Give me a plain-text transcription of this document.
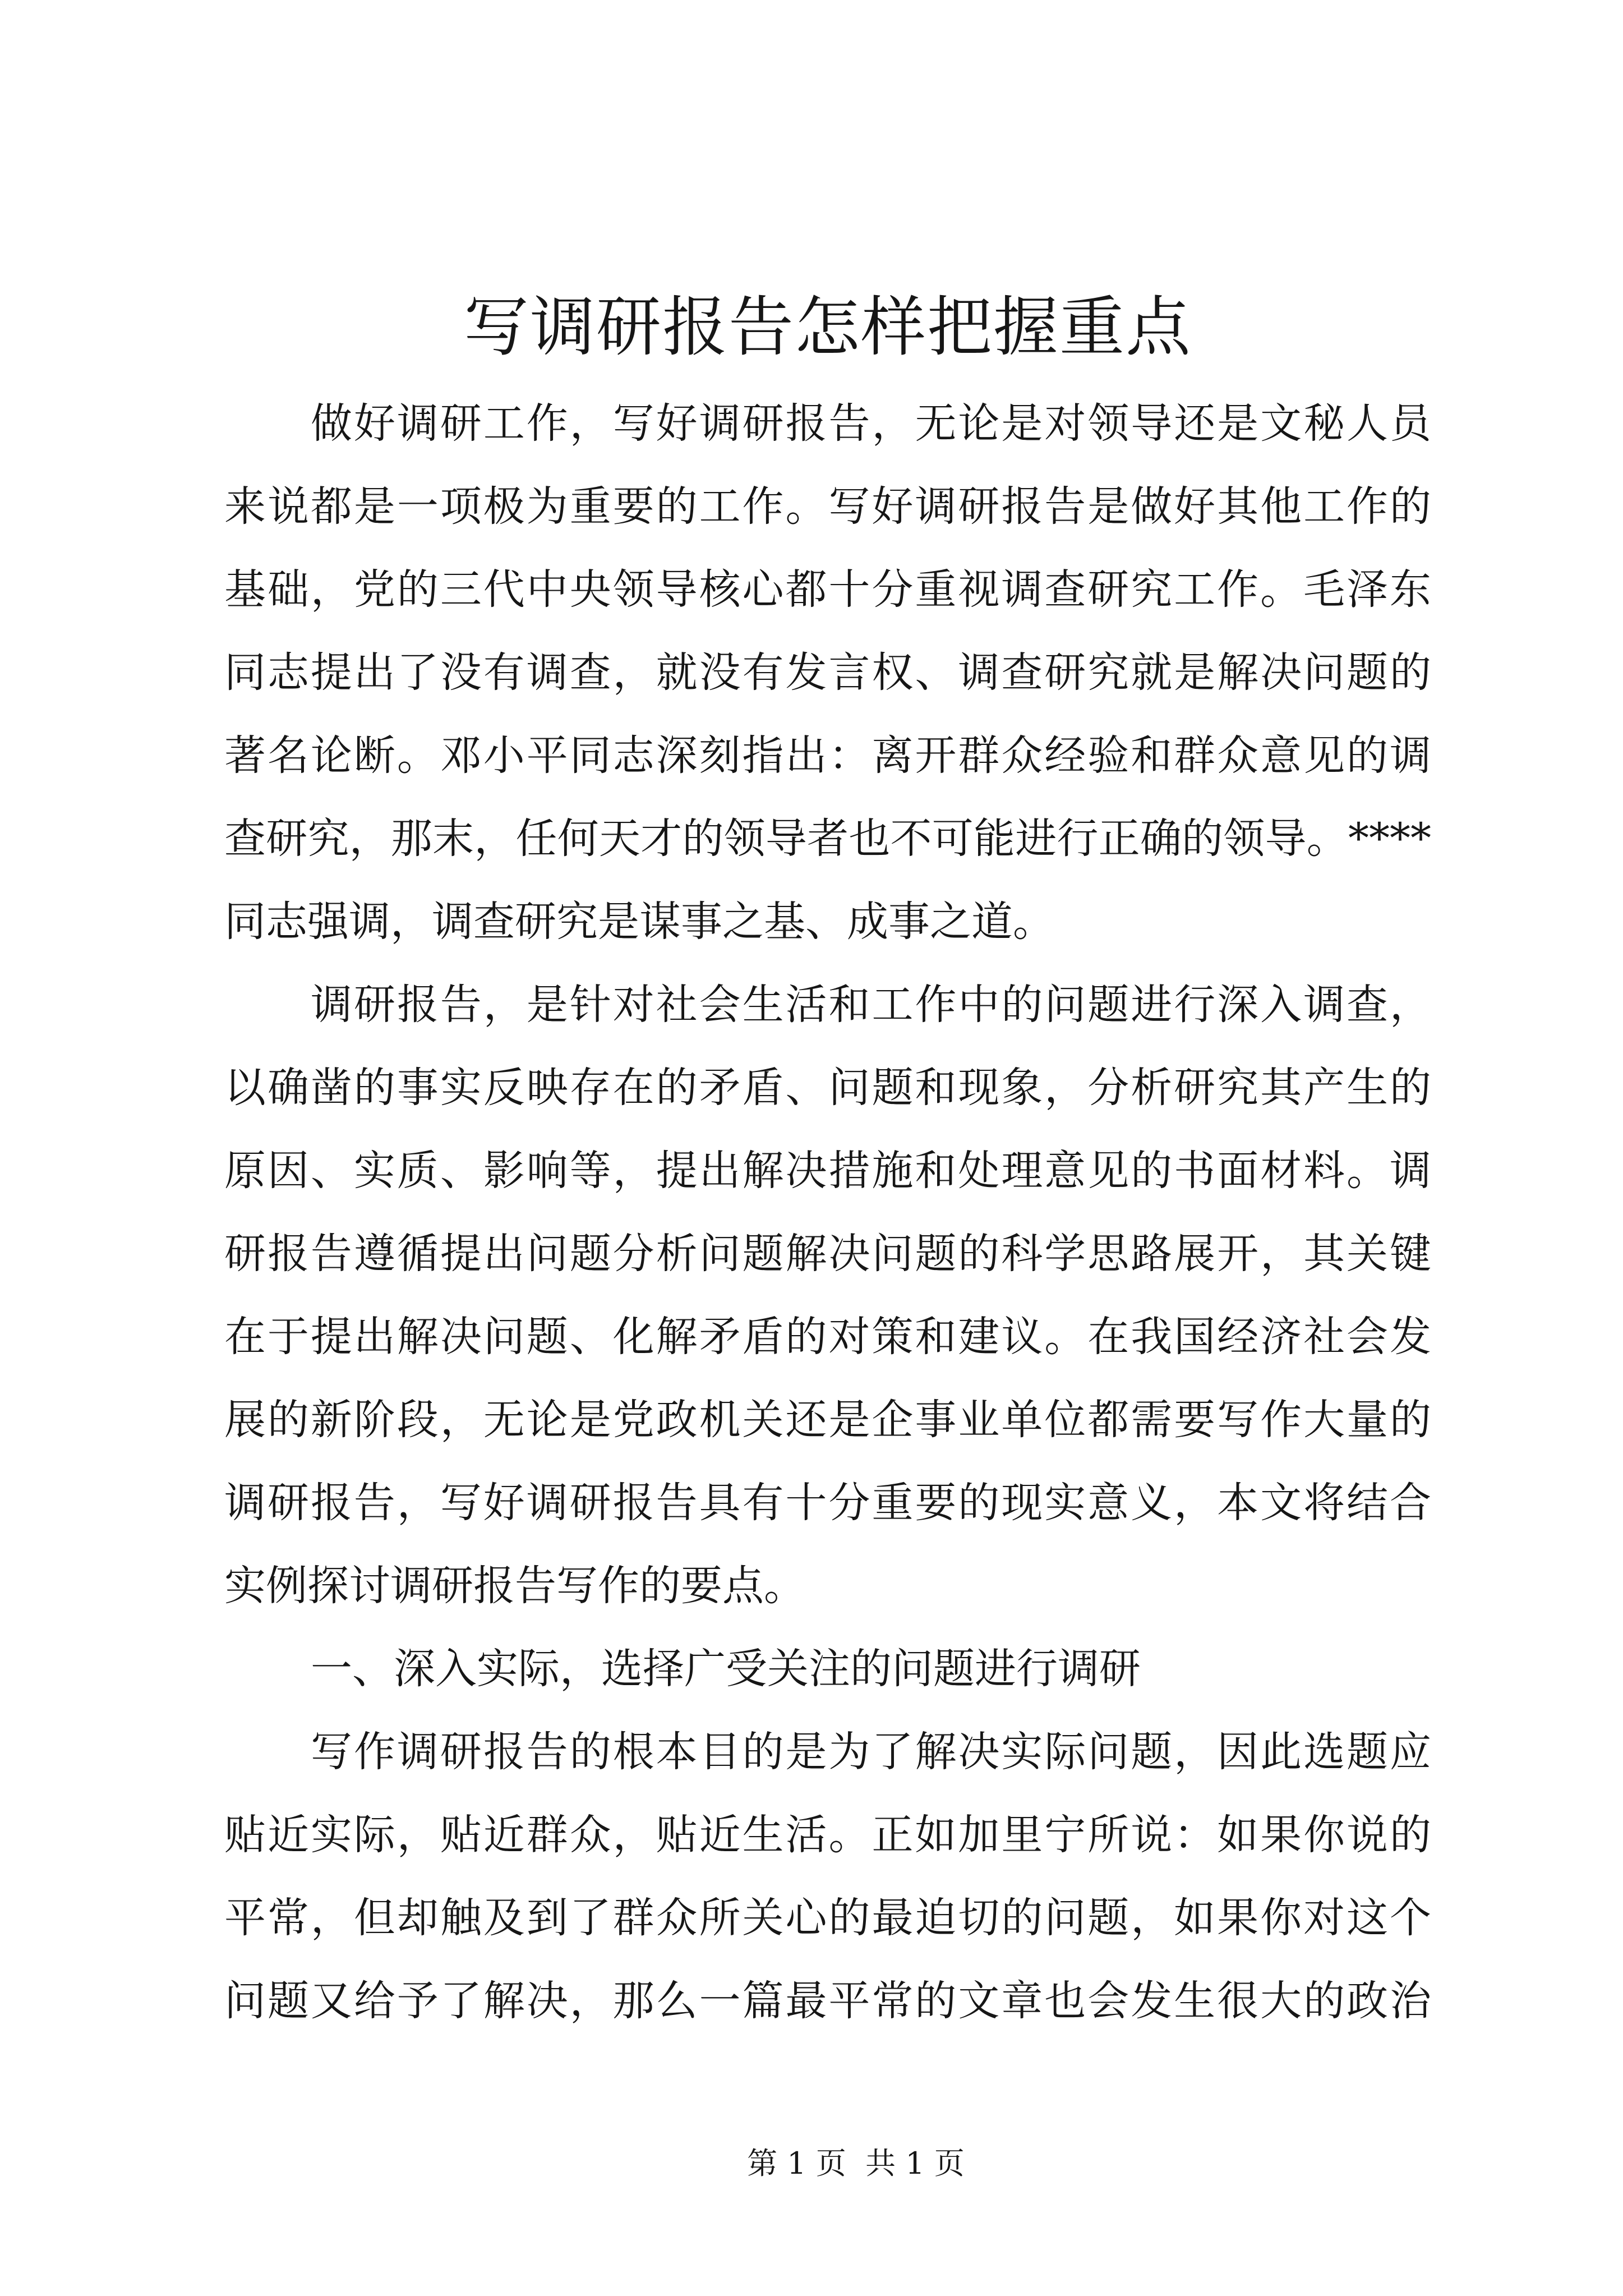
写调研报告怎样把握重点
做好调研工作，写好调研报告，无论是对领导还是文秘人员
来说都是一项极为重要的工作。写好调研报告是做好其他工作的
基础，党的三代中央领导核心都十分重视调查研究工作。毛泽东
同志提出了没有调查，就没有发言权、调查研究就是解决问题的
著名论断。邓小平同志深刻指出：离开群众经验和群众意见的调
查研究，那末，任何天才的领导者也不可能进行正确的领导。****
同志强调，调查研究是谋事之基、成事之道。
调研报告，是针对社会生活和工作中的问题进行深入调查，
以确凿的事实反映存在的矛盾、问题和现象，分析研究其产生的
原因、实质、影响等，提出解决措施和处理意见的书面材料。调
研报告遵循提出问题分析问题解决问题的科学思路展开，其关键
在于提出解决问题、化解矛盾的对策和建议。在我国经济社会发
展的新阶段，无论是党政机关还是企事业单位都需要写作大量的
调研报告，写好调研报告具有十分重要的现实意义，本文将结合
实例探讨调研报告写作的要点。
一、深入实际，选择广受关注的问题进行调研
写作调研报告的根本目的是为了解决实际问题，因此选题应
贴近实际，贴近群众，贴近生活。正如加里宁所说：如果你说的
平常，但却触及到了群众所关心的最迫切的问题，如果你对这个
问题又给予了解决，那么一篇最平常的文章也会发生很大的政治
第 1 页  共 1 页
